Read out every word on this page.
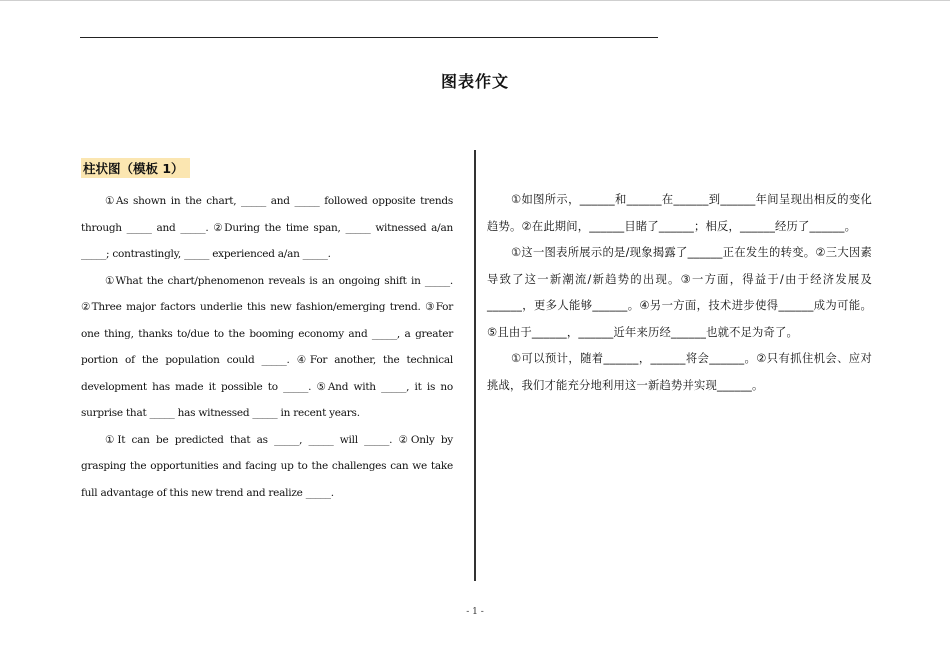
图表作文
柱状图（模板 1）

①As shown in the chart, _____ and _____ followed opposite trends through _____ and _____. ②During the time span, _____ witnessed a/an _____; contrastingly, _____ experienced a/an _____.

①What the chart/phenomenon reveals is an ongoing shift in _____. ②Three major factors underlie this new fashion/emerging trend. ③For one thing, thanks to/due to the booming economy and _____, a greater portion of the population could _____. ④For another, the technical development has made it possible to _____. ⑤And with _____, it is no surprise that _____ has witnessed _____ in recent years.

①It can be predicted that as _____, _____ will _____. ②Only by grasping the opportunities and facing up to the challenges can we take full advantage of this new trend and realize _____.

①如图所示，______和______在______到______年间呈现出相反的变化趋势。②在此期间，______目睹了______；相反，______经历了______。

①这一图表所展示的是/现象揭露了______正在发生的转变。②三大因素导致了这一新潮流/新趋势的出现。③一方面，得益于/由于经济发展及______，更多人能够______。④另一方面，技术进步使得______成为可能。⑤且由于______，______近年来历经______也就不足为奇了。

①可以预计，随着______，______将会______。②只有抓住机会、应对挑战，我们才能充分地利用这一新趋势并实现______。

- 1 -
